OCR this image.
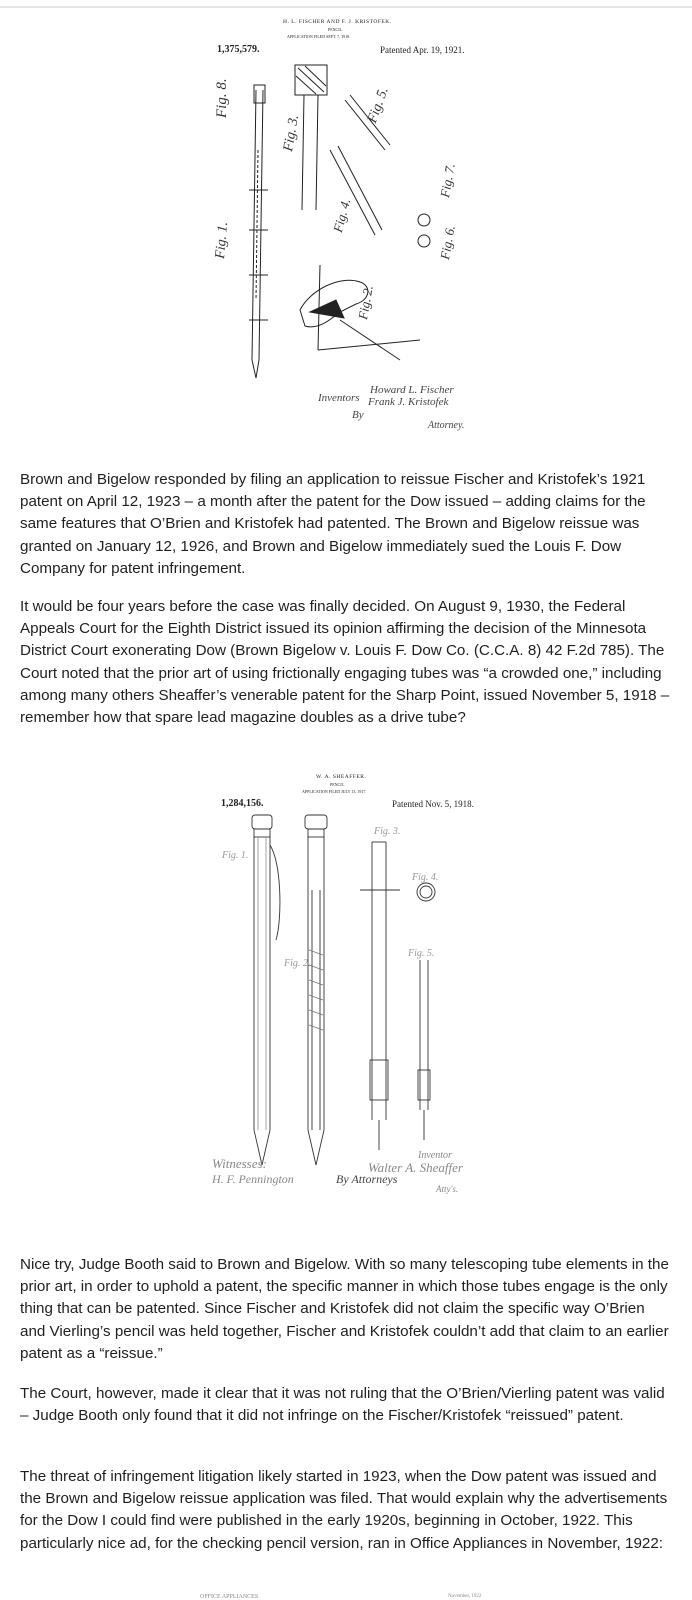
H. L. FISCHER AND F. J. KRISTOFEK.
PENCIL.
APPLICATION FILED SEPT. 7, 1918.
1,375,579.	Patented Apr. 19, 1921.
Fig. 8.
Fig. 3.
Fig. 5.
Fig. 1.
Fig. 4.
Fig. 7.
Fig. 2.
Fig. 6.
Inventors
Howard L. Fischer
Frank J. Kristofek
By
Attorney.

Brown and Bigelow responded by filing an application to reissue Fischer and Kristofek’s 1921 patent on April 12, 1923 – a month after the patent for the Dow issued – adding claims for the same features that O’Brien and Kristofek had patented. The Brown and Bigelow reissue was granted on January 12, 1926, and Brown and Bigelow immediately sued the Louis F. Dow Company for patent infringement.

It would be four years before the case was finally decided. On August 9, 1930, the Federal Appeals Court for the Eighth District issued its opinion affirming the decision of the Minnesota District Court exonerating Dow (Brown Bigelow v. Louis F. Dow Co. (C.C.A. 8) 42 F.2d 785). The Court noted that the prior art of using frictionally engaging tubes was “a crowded one,” including among many others Sheaffer’s venerable patent for the Sharp Point, issued November 5, 1918 – remember how that spare lead magazine doubles as a drive tube?

W. A. SHEAFFER.
PENCIL.
APPLICATION FILED JULY 13, 1917.
1,284,156.	Patented Nov. 5, 1918.
Fig. 1.
Fig. 2.
Fig. 3.
Fig. 4.
Fig. 5.
Witnesses:
H. F. Pennington
Inventor
Walter A. Sheaffer
By Attorneys
Atty's.

Nice try, Judge Booth said to Brown and Bigelow. With so many telescoping tube elements in the prior art, in order to uphold a patent, the specific manner in which those tubes engage is the only thing that can be patented. Since Fischer and Kristofek did not claim the specific way O’Brien and Vierling’s pencil was held together, Fischer and Kristofek couldn’t add that claim to an earlier patent as a “reissue.”

The Court, however, made it clear that it was not ruling that the O’Brien/Vierling patent was valid – Judge Booth only found that it did not infringe on the Fischer/Kristofek “reissued” patent.

The threat of infringement litigation likely started in 1923, when the Dow patent was issued and the Brown and Bigelow reissue application was filed. That would explain why the advertisements for the Dow I could find were published in the early 1920s, beginning in October, 1922. This particularly nice ad, for the checking pencil version, ran in Office Appliances in November, 1922:

OFFICE APPLIANCES	November, 1922
